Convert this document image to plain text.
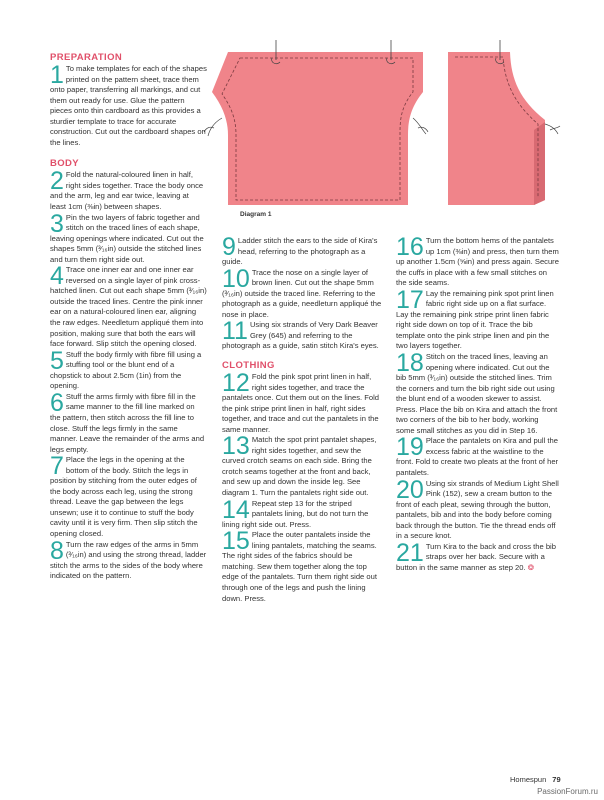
Diagram 1

PREPARATION

1 To make templates for each of the shapes printed on the pattern sheet, trace them onto paper, transferring all markings, and cut them out ready for use. Glue the pattern pieces onto thin cardboard as this provides a sturdier template to trace for accurate construction. Cut out the cardboard shapes on the lines.

BODY

2 Fold the natural-coloured linen in half, right sides together. Trace the body once and the arm, leg and ear twice, leaving at least 1cm (⅜in) between shapes.

3 Pin the two layers of fabric together and stitch on the traced lines of each shape, leaving openings where indicated. Cut out the shapes 5mm (³⁄₁₆in) outside the stitched lines and turn them right side out.

4 Trace one inner ear and one inner ear reversed on a single layer of pink cross-hatched linen. Cut out each shape 5mm (³⁄₁₆in) outside the traced lines. Centre the pink inner ear on a natural-coloured linen ear, aligning the raw edges. Needleturn appliqué them into position, making sure that both the ears will face forward. Slip stitch the opening closed.

5 Stuff the body firmly with fibre fill using a stuffing tool or the blunt end of a chopstick to about 2.5cm (1in) from the opening.

6 Stuff the arms firmly with fibre fill in the same manner to the fill line marked on the pattern, then stitch across the fill line to close. Stuff the legs firmly in the same manner. Leave the remainder of the arms and legs empty.

7 Place the legs in the opening at the bottom of the body. Stitch the legs in position by stitching from the outer edges of the body across each leg, using the strong thread. Leave the gap between the legs unsewn; use it to continue to stuff the body cavity until it is very firm. Then slip stitch the opening closed.

8 Turn the raw edges of the arms in 5mm (³⁄₁₆in) and using the strong thread, ladder stitch the arms to the sides of the body where indicated on the pattern.

9 Ladder stitch the ears to the side of Kira's head, referring to the photograph as a guide.

10 Trace the nose on a single layer of brown linen. Cut out the shape 5mm (³⁄₁₆in) outside the traced line. Referring to the photograph as a guide, needleturn appliqué the nose in place.

11 Using six strands of Very Dark Beaver Grey (645) and referring to the photograph as a guide, satin stitch Kira's eyes.

CLOTHING

12 Fold the pink spot print linen in half, right sides together, and trace the pantalets once. Cut them out on the lines. Fold the pink stripe print linen in half, right sides together, and trace and cut the pantalets in the same manner.

13 Match the spot print pantalet shapes, right sides together, and sew the curved crotch seams on each side. Bring the crotch seams together at the front and back, and sew up and down the inside leg. See diagram 1. Turn the pantalets right side out.

14 Repeat step 13 for the striped pantalets lining, but do not turn the lining right side out. Press.

15 Place the outer pantalets inside the lining pantalets, matching the seams. The right sides of the fabrics should be matching. Sew them together along the top edge of the pantalets. Turn them right side out through one of the legs and push the lining down. Press.

16 Turn the bottom hems of the pantalets up 1cm (⅜in) and press, then turn them up another 1.5cm (⅝in) and press again. Secure the cuffs in place with a few small stitches on the side seams.

17 Lay the remaining pink spot print linen fabric right side up on a flat surface. Lay the remaining pink stripe print linen fabric right side down on top of it. Trace the bib template onto the pink stripe linen and pin the two layers together.

18 Stitch on the traced lines, leaving an opening where indicated. Cut out the bib 5mm (³⁄₁₆in) outside the stitched lines. Trim the corners and turn the bib right side out using the blunt end of a wooden skewer to assist. Press. Place the bib on Kira and attach the front two corners of the bib to her body, working some small stitches as you did in Step 16.

19 Place the pantalets on Kira and pull the excess fabric at the waistline to the front. Fold to create two pleats at the front of her pantalets.

20 Using six strands of Medium Light Shell Pink (152), sew a cream button to the front of each pleat, sewing through the button, pantalets, bib and into the body before coming back through the button. Tie the thread ends off in a secure knot.

21 Turn Kira to the back and cross the bib straps over her back. Secure with a button in the same manner as step 20. ❂

Homespun 79
PassionForum.ru
